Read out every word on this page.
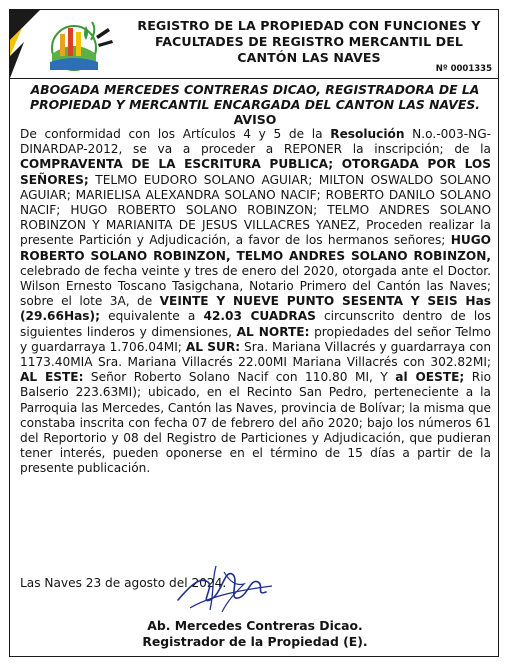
REGISTRO DE LA PROPIEDAD CON FUNCIONES Y
FACULTADES DE REGISTRO MERCANTIL DEL
CANTÓN LAS NAVES
Nº 0001335
ABOGADA MERCEDES CONTRERAS DICAO, REGISTRADORA DE LA PROPIEDAD Y MERCANTIL ENCARGADA DEL CANTON LAS NAVES.
AVISO
De conformidad con los Artículos 4 y 5 de la Resolución N.o.-003-NG- DINARDAP-2012, se va a proceder a REPONER la inscripción; de la COMPRAVENTA DE LA ESCRITURA PUBLICA; OTORGADA POR LOS SEÑORES; TELMO EUDORO SOLANO AGUIAR; MILTON OSWALDO SOLANO AGUIAR; MARIELISA ALEXANDRA SOLANO NACIF; ROBERTO DANILO SOLANO NACIF; HUGO ROBERTO SOLANO ROBINZON; TELMO ANDRES SOLANO ROBINZON Y MARIANITA DE JESUS VILLACRES YANEZ, Proceden realizar la presente Partición y Adjudicación, a favor de los hermanos señores; HUGO ROBERTO SOLANO ROBINZON, TELMO ANDRES SOLANO ROBINZON, celebrado de fecha veinte y tres de enero del 2020, otorgada ante el Doctor. Wilson Ernesto Toscano Tasigchana, Notario Primero del Cantón las Naves; sobre el lote 3A, de VEINTE Y NUEVE PUNTO SESENTA Y SEIS Has (29.66Has); equivalente a 42.03 CUADRAS circunscrito dentro de los siguientes linderos y dimensiones, AL NORTE: propiedades del señor Telmo y guardarraya 1.706.04MI; AL SUR: Sra. Mariana Villacrés y guardarraya con 1173.40MIA Sra. Mariana Villacrés 22.00MI Mariana Villacrés con 302.82MI; AL ESTE: Señor Roberto Solano Nacif con 110.80 MI, Y al OESTE; Rio Balserio 223.63MI); ubicado, en el Recinto San Pedro, perteneciente a la Parroquia las Mercedes, Cantón las Naves, provincia de Bolívar; la misma que constaba inscrita con fecha 07 de febrero del año 2020; bajo los números 61 del Reportorio y 08 del Registro de Particiones y Adjudicación, que pudieran tener interés, pueden oponerse en el término de 15 días a partir de la presente publicación.
Las Naves 23 de agosto del 2024.
Ab. Mercedes Contreras Dicao.
Registrador de la Propiedad (E).
